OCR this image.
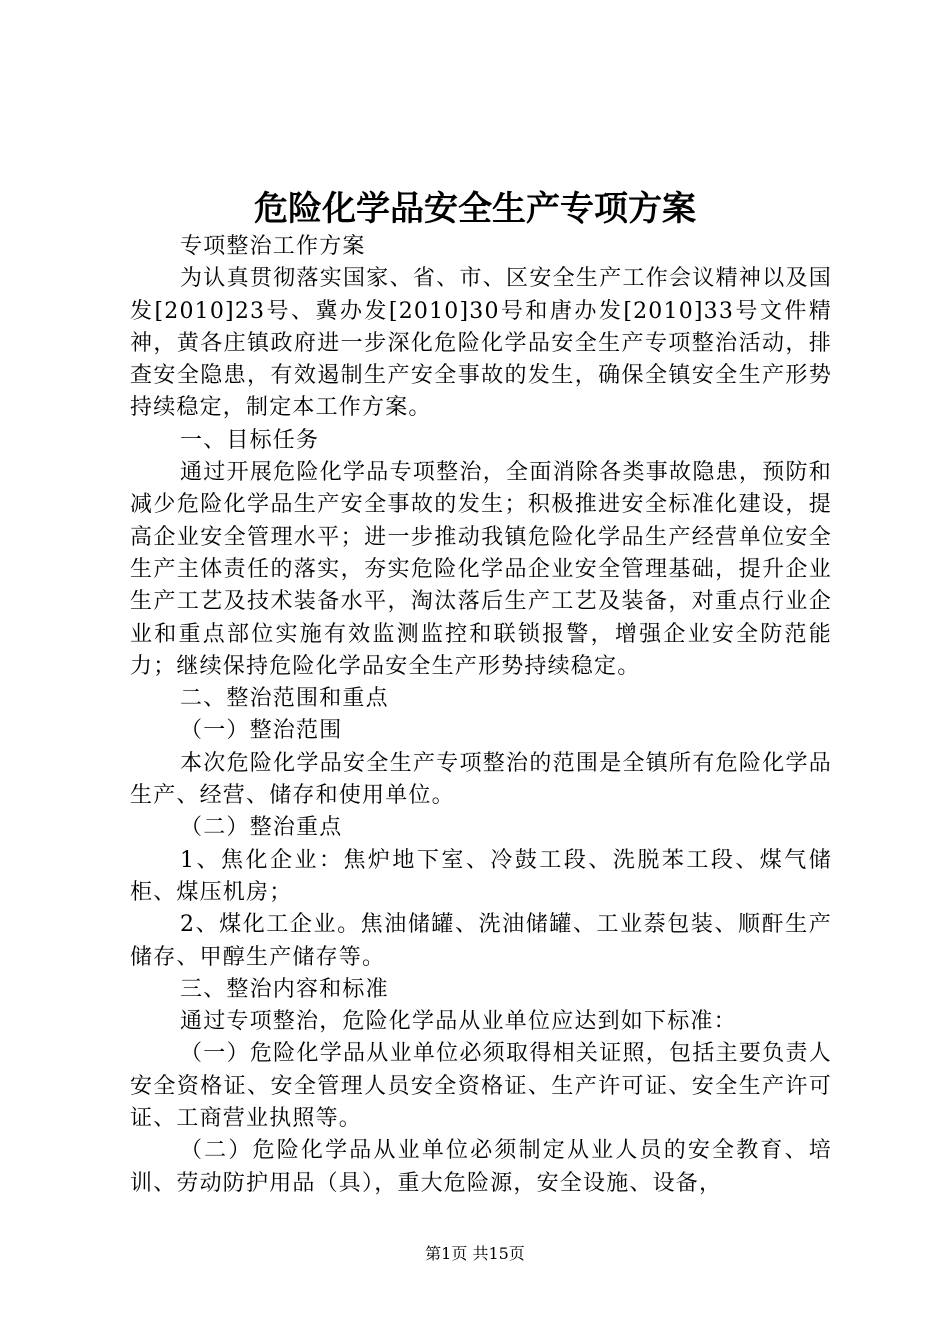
危险化学品安全生产专项方案

专项整治工作方案

为认真贯彻落实国家、省、市、区安全生产工作会议精神以及国发[2010]23号、冀办发[2010]30号和唐办发[2010]33号文件精神，黄各庄镇政府进一步深化危险化学品安全生产专项整治活动，排查安全隐患，有效遏制生产安全事故的发生，确保全镇安全生产形势持续稳定，制定本工作方案。

一、目标任务

通过开展危险化学品专项整治，全面消除各类事故隐患，预防和减少危险化学品生产安全事故的发生；积极推进安全标准化建设，提高企业安全管理水平；进一步推动我镇危险化学品生产经营单位安全生产主体责任的落实，夯实危险化学品企业安全管理基础，提升企业生产工艺及技术装备水平，淘汰落后生产工艺及装备，对重点行业企业和重点部位实施有效监测监控和联锁报警，增强企业安全防范能力；继续保持危险化学品安全生产形势持续稳定。

二、整治范围和重点

（一）整治范围

本次危险化学品安全生产专项整治的范围是全镇所有危险化学品生产、经营、储存和使用单位。

（二）整治重点

1、焦化企业：焦炉地下室、冷鼓工段、洗脱苯工段、煤气储柜、煤压机房；

2、煤化工企业。焦油储罐、洗油储罐、工业萘包装、顺酐生产储存、甲醇生产储存等。

三、整治内容和标准

通过专项整治，危险化学品从业单位应达到如下标准：

（一）危险化学品从业单位必须取得相关证照，包括主要负责人安全资格证、安全管理人员安全资格证、生产许可证、安全生产许可证、工商营业执照等。

（二）危险化学品从业单位必须制定从业人员的安全教育、培训、劳动防护用品（具），重大危险源，安全设施、设备，

第1页 共15页
